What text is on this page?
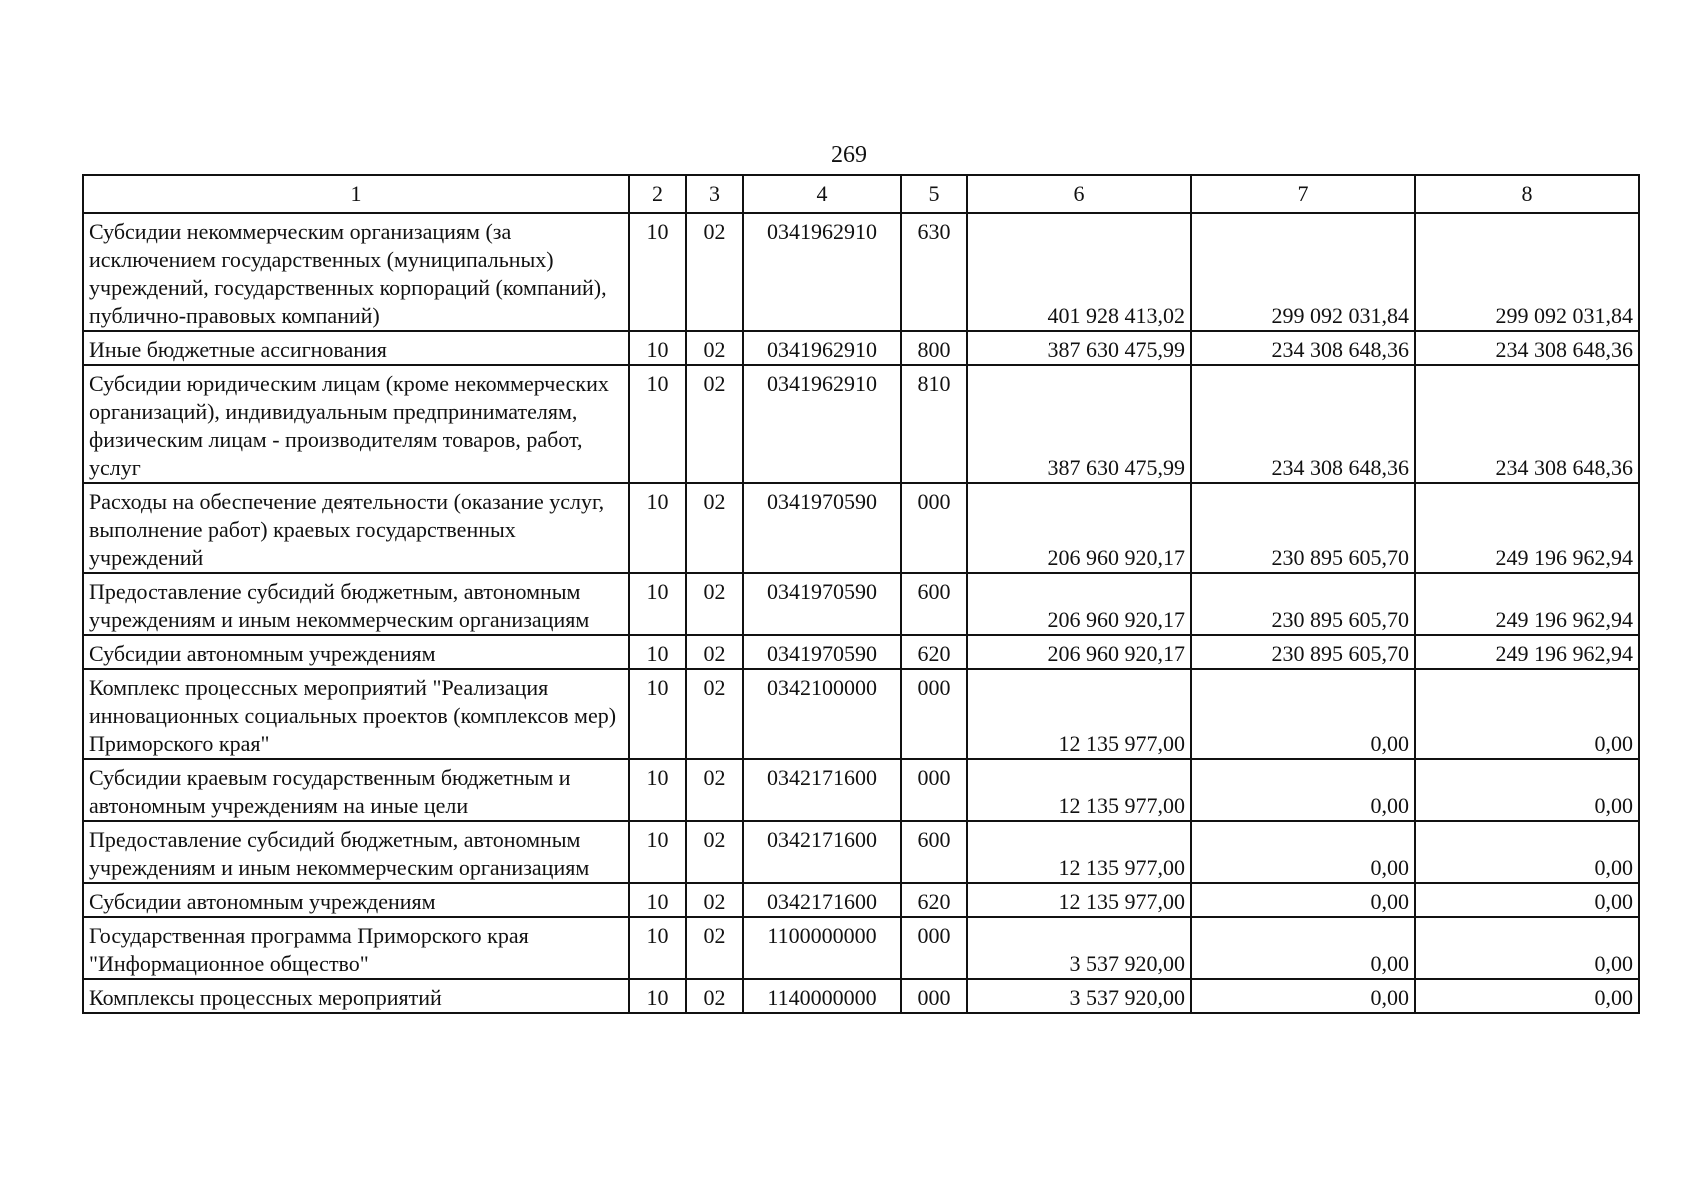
269
1	2	3	4	5	6	7	8
Субсидии некоммерческим организациям (за исключением государственных (муниципальных) учреждений, государственных корпораций (компаний), публично-правовых компаний)	10	02	0341962910	630	401 928 413,02	299 092 031,84	299 092 031,84
Иные бюджетные ассигнования	10	02	0341962910	800	387 630 475,99	234 308 648,36	234 308 648,36
Субсидии юридическим лицам (кроме некоммерческих организаций), индивидуальным предпринимателям, физическим лицам - производителям товаров, работ, услуг	10	02	0341962910	810	387 630 475,99	234 308 648,36	234 308 648,36
Расходы на обеспечение деятельности (оказание услуг, выполнение работ) краевых государственных учреждений	10	02	0341970590	000	206 960 920,17	230 895 605,70	249 196 962,94
Предоставление субсидий бюджетным, автономным учреждениям и иным некоммерческим организациям	10	02	0341970590	600	206 960 920,17	230 895 605,70	249 196 962,94
Субсидии автономным учреждениям	10	02	0341970590	620	206 960 920,17	230 895 605,70	249 196 962,94
Комплекс процессных мероприятий "Реализация инновационных социальных проектов (комплексов мер) Приморского края"	10	02	0342100000	000	12 135 977,00	0,00	0,00
Субсидии краевым государственным бюджетным и автономным учреждениям на иные цели	10	02	0342171600	000	12 135 977,00	0,00	0,00
Предоставление субсидий бюджетным, автономным учреждениям и иным некоммерческим организациям	10	02	0342171600	600	12 135 977,00	0,00	0,00
Субсидии автономным учреждениям	10	02	0342171600	620	12 135 977,00	0,00	0,00
Государственная программа Приморского края "Информационное общество"	10	02	1100000000	000	3 537 920,00	0,00	0,00
Комплексы процессных мероприятий	10	02	1140000000	000	3 537 920,00	0,00	0,00
